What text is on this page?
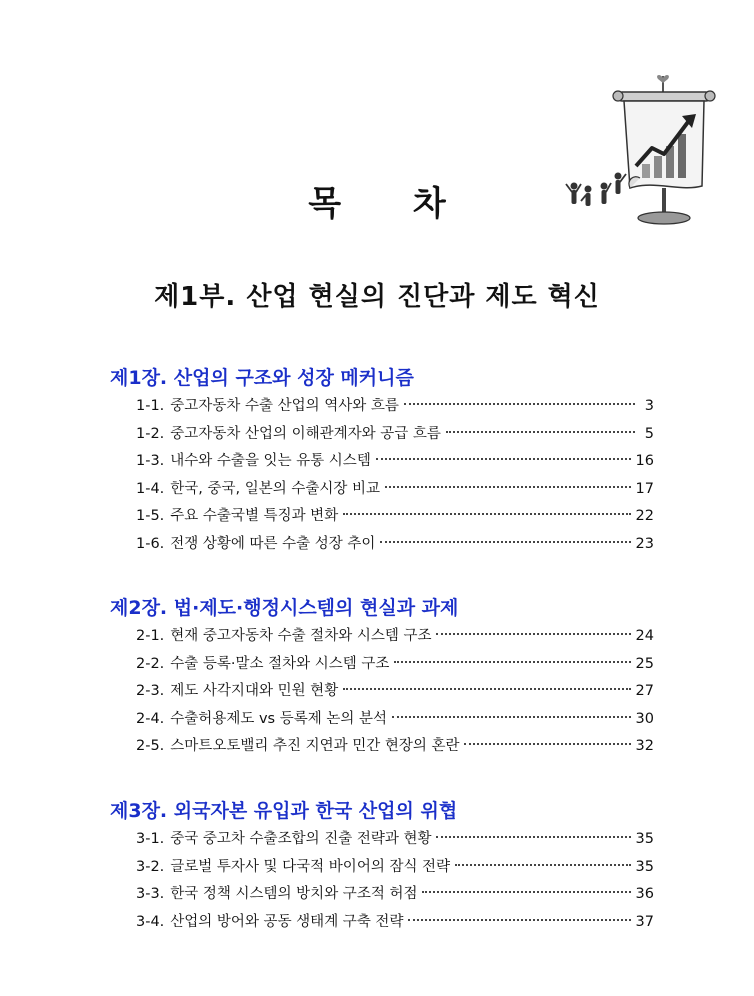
목 차
제1부. 산업 현실의 진단과 제도 혁신
제1장. 산업의 구조와 성장 메커니즘
1-1. 중고자동차 수출 산업의 역사와 흐름	3
1-2. 중고자동차 산업의 이해관계자와 공급 흐름	5
1-3. 내수와 수출을 잇는 유통 시스템	16
1-4. 한국, 중국, 일본의 수출시장 비교	17
1-5. 주요 수출국별 특징과 변화	22
1-6. 전쟁 상황에 따른 수출 성장 추이	23
제2장. 법·제도·행정시스템의 현실과 과제
2-1. 현재 중고자동차 수출 절차와 시스템 구조	24
2-2. 수출 등록·말소 절차와 시스템 구조	25
2-3. 제도 사각지대와 민원 현황	27
2-4. 수출허용제도 vs 등록제 논의 분석	30
2-5. 스마트오토밸리 추진 지연과 민간 현장의 혼란	32
제3장. 외국자본 유입과 한국 산업의 위협
3-1. 중국 중고차 수출조합의 진출 전략과 현황	35
3-2. 글로벌 투자사 및 다국적 바이어의 잠식 전략	35
3-3. 한국 정책 시스템의 방치와 구조적 허점	36
3-4. 산업의 방어와 공동 생태계 구축 전략	37
